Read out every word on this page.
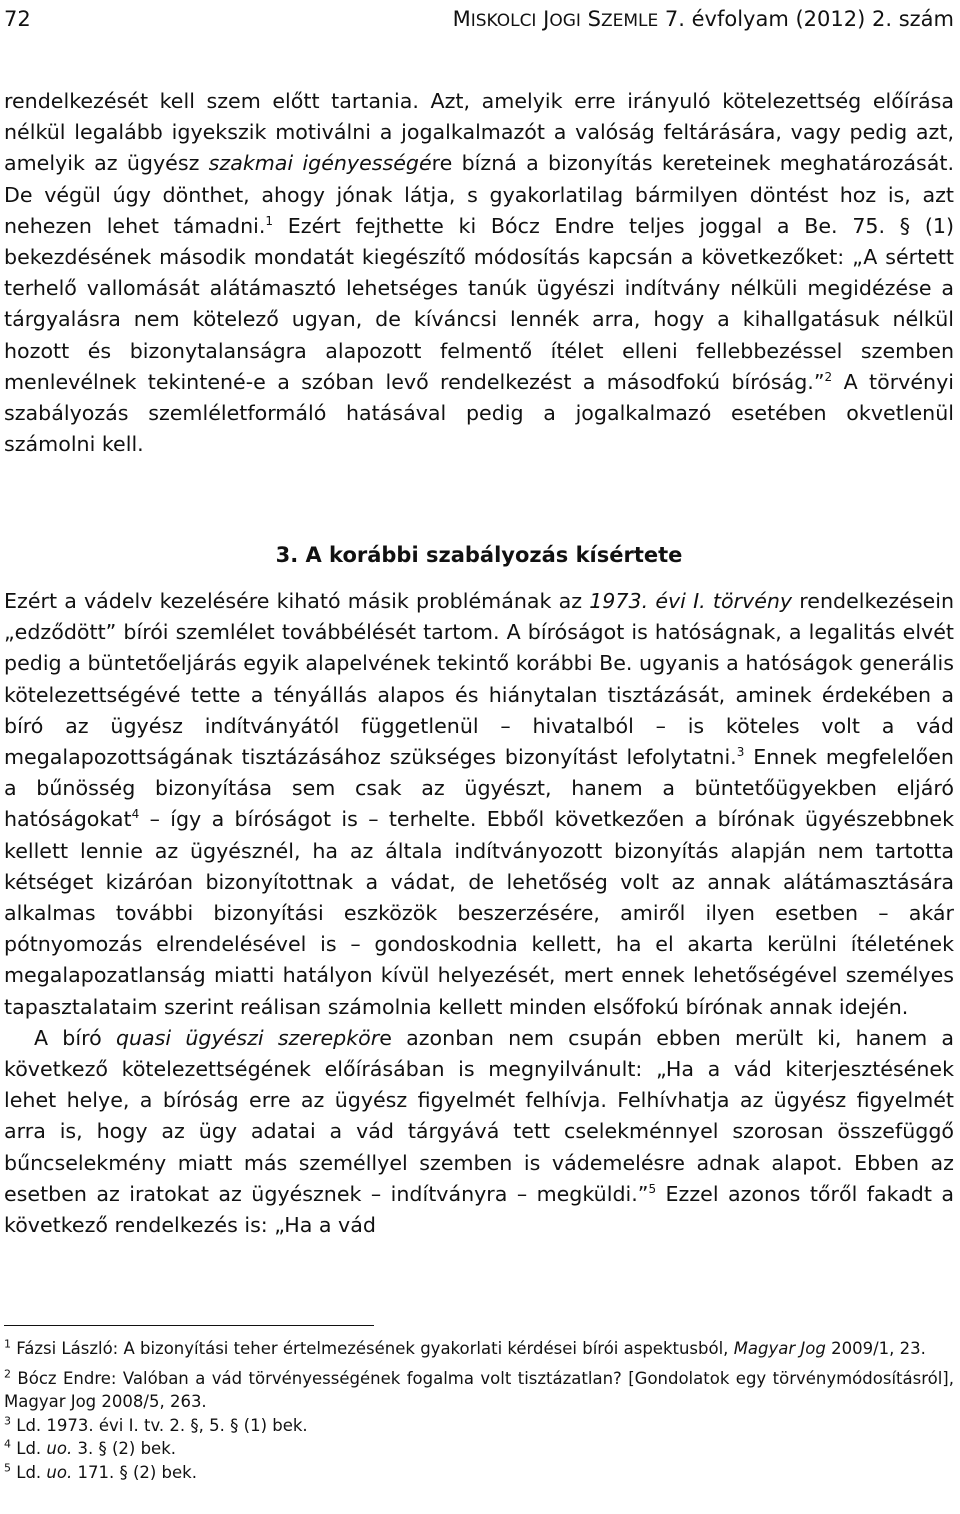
72	MISKOLCI JOGI SZEMLE 7. évfolyam (2012) 2. szám

rendelkezését kell szem előtt tartania. Azt, amelyik erre irányuló kötelezettség előírása nélkül legalább igyekszik motiválni a jogalkalmazót a valóság feltárására, vagy pedig azt, amelyik az ügyész szakmai igényességére bízná a bizonyítás kereteinek meghatározását. De végül úgy dönthet, ahogy jónak látja, s gyakorlatilag bármilyen döntést hoz is, azt nehezen lehet támadni.$^1$ Ezért fejthette ki Bócz Endre teljes joggal a Be. 75. § (1) bekezdésének második mondatát kiegészítő módosítás kapcsán a következőket: „A sértett terhelő vallomását alátámasztó lehetséges tanúk ügyészi indítvány nélküli megidézése a tárgyalásra nem kötelező ugyan, de kíváncsi lennék arra, hogy a kihallgatásuk nélkül hozott és bizonytalanságra alapozott felmentő ítélet elleni fellebbezéssel szemben menlevélnek tekintené-e a szóban levő rendelkezést a másodfokú bíróság.”$^2$ A törvényi szabályozás szemléletformáló hatásával pedig a jogalkalmazó esetében okvetlenül számolni kell.

3. A korábbi szabályozás kísértete

Ezért a vádelv kezelésére kiható másik problémának az 1973. évi I. törvény rendelkezésein „edződött” bírói szemlélet továbbélését tartom. A bíróságot is hatóságnak, a legalitás elvét pedig a büntetőeljárás egyik alapelvének tekintő korábbi Be. ugyanis a hatóságok generális kötelezettségévé tette a tényállás alapos és hiánytalan tisztázását, aminek érdekében a bíró az ügyész indítványától függetlenül – hivatalból – is köteles volt a vád megalapozottságának tisztázásához szükséges bizonyítást lefolytatni.$^3$ Ennek megfelelően a bűnösség bizonyítása sem csak az ügyészt, hanem a büntetőügyekben eljáró hatóságokat$^4$ – így a bíróságot is – terhelte. Ebből következően a bírónak ügyészebbnek kellett lennie az ügyésznél, ha az általa indítványozott bizonyítás alapján nem tartotta kétséget kizáróan bizonyítottnak a vádat, de lehetőség volt az annak alátámasztására alkalmas további bizonyítási eszközök beszerzésére, amiről ilyen esetben – akár pótnyomozás elrendelésével is – gondoskodnia kellett, ha el akarta kerülni ítéletének megalapozatlanság miatti hatályon kívül helyezését, mert ennek lehetőségével személyes tapasztalataim szerint reálisan számolnia kellett minden elsőfokú bírónak annak idején.

A bíró quasi ügyészi szerepköre azonban nem csupán ebben merült ki, hanem a következő kötelezettségének előírásában is megnyilvánult: „Ha a vád kiterjesztésének lehet helye, a bíróság erre az ügyész figyelmét felhívja. Felhívhatja az ügyész figyelmét arra is, hogy az ügy adatai a vád tárgyává tett cselekménnyel szorosan összefüggő bűncselekmény miatt más személlyel szemben is vádemelésre adnak alapot. Ebben az esetben az iratokat az ügyésznek – indítványra – megküldi.”$^5$ Ezzel azonos tőről fakadt a következő rendelkezés is: „Ha a vád

$^1$ Fázsi László: A bizonyítási teher értelmezésének gyakorlati kérdései bírói aspektusból, Magyar Jog 2009/1, 23.

$^2$ Bócz Endre: Valóban a vád törvényességének fogalma volt tisztázatlan? [Gondolatok egy törvénymódosításról], Magyar Jog 2008/5, 263.

$^3$ Ld. 1973. évi I. tv. 2. §, 5. § (1) bek.

$^4$ Ld. uo. 3. § (2) bek.

$^5$ Ld. uo. 171. § (2) bek.
